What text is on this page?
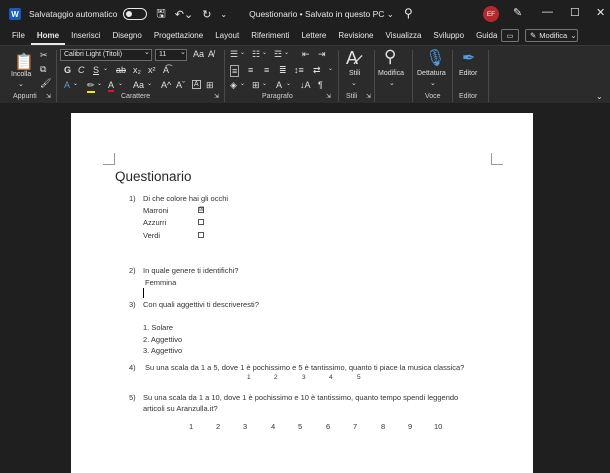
W Salvataggio automatico	🖫 ↶⌄ ↻ ⌄	Questionario • Salvato in questo PC ⌄ ⚲	EF	✎ — ☐ ✕
File	Home	Inserisci	Disegno	Progettazione	Layout	Riferimenti	Lettere	Revisione	Visualizza	Sviluppo	Guida	▭ ✎ Modifica ⌄
📋
Incolla
⌄
✂
⧉
🖌
Appunti ⇲
Calibri Light (Titoli)	⌄	11	⌄ Aa A̸
G C S ⌄ ab x₂ x² A͡
A ⌄ ✏ ⌄ A ⌄ Aa ⌄ A^ Aˇ A ⊞
Carattere	⇲
☰ ⌄ ☷ ⌄ ☲ ⌄ ⇤ ⇥
≡ ≡ ≡ ≣ ↕≡ ⇄ ⌄
◈ ⌄ ⊞ ⌄ A ⌄ ↓A ¶
Paragrafo	⇲
A̷
Stili
⌄
Stili ⇲
⚲
Modifica
⌄
🎙
Dettatura
⌄
Voce
✒
Editor
Editor	⌄
Questionario
1) Di che colore hai gli occhi
Marroni	☒
Azzurri
Verdi
2) In quale genere ti identifichi?
Femmina
3) Con quali aggettivi ti descriveresti?
1. Solare
2. Aggettivo
3. Aggettivo
4) Su una scala da 1 a 5, dove 1 è pochissimo e 5 è tantissimo, quanto ti piace la musica classica?
1	2	3	4	5
5) Su una scala da 1 a 10, dove 1 è pochissimo e 10 è tantissimo, quanto tempo spendi leggendo
articoli su Aranzulla.it?
1	2	3	4	5	6	7	8	9	10
